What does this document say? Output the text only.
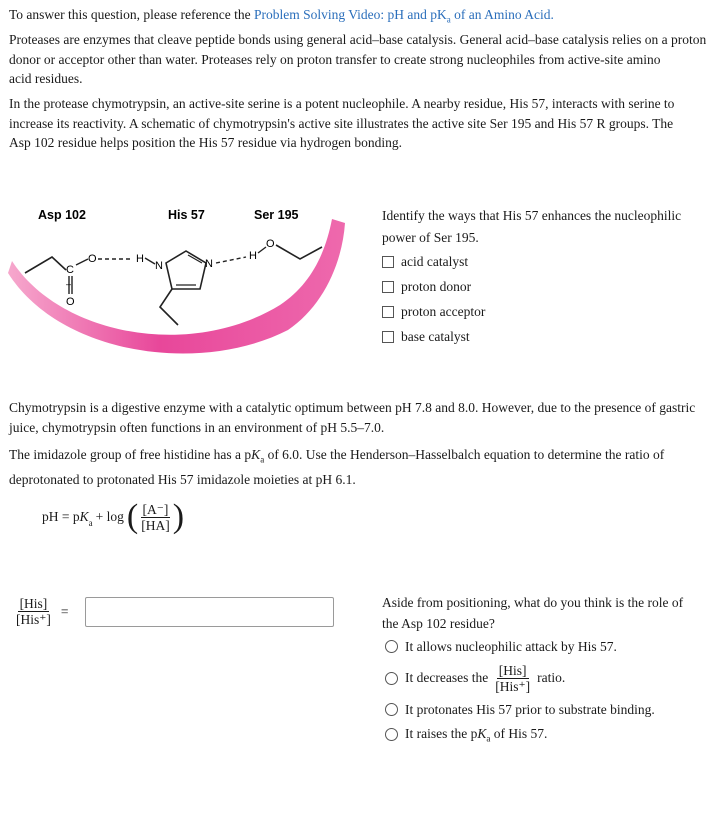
To answer this question, please reference the Problem Solving Video: pH and $pK_a$ of an Amino Acid.

Proteases are enzymes that cleave peptide bonds using general acid–base catalysis. General acid–base catalysis relies on a proton

donor or acceptor other than water. Proteases rely on proton transfer to create strong nucleophiles from active-site amino

acid residues.

In the protease chymotrypsin, an active-site serine is a potent nucleophile. A nearby residue, His 57, interacts with serine to

increase its reactivity. A schematic of chymotrypsin's active site illustrates the active site Ser 195 and His 57 R groups. The

Asp 102 residue helps position the His 57 residue via hydrogen bonding.

Asp 102
C
O
O
–
His 57
H
N	N
Ser 195
H
O

Identify the ways that His 57 enhances the nucleophilic

power of Ser 195.

acid catalyst
proton donor
proton acceptor
base catalyst

Chymotrypsin is a digestive enzyme with a catalytic optimum between pH 7.8 and 8.0. However, due to the presence of gastric

juice, chymotrypsin often functions in an environment of pH 5.5–7.0.

The imidazole group of free histidine has a $pK_a$ of 6.0. Use the Henderson–Hasselbalch equation to determine the ratio of

deprotonated to protonated His 57 imidazole moieties at pH 6.1.

pH = p $K_a + \log$ ( $\frac{[A^-]}{[HA]}$ )
$\frac{\text{[His]}}{\text{[His⁺]}}$ =

Aside from positioning, what do you think is the role of

the Asp 102 residue?

It allows nucleophilic attack by His 57.
It decreases the $\frac{\text{[His]}}{\text{[His⁺]}}$ ratio.
It protonates His 57 prior to substrate binding.
It raises the $pK_a$ of His 57.
